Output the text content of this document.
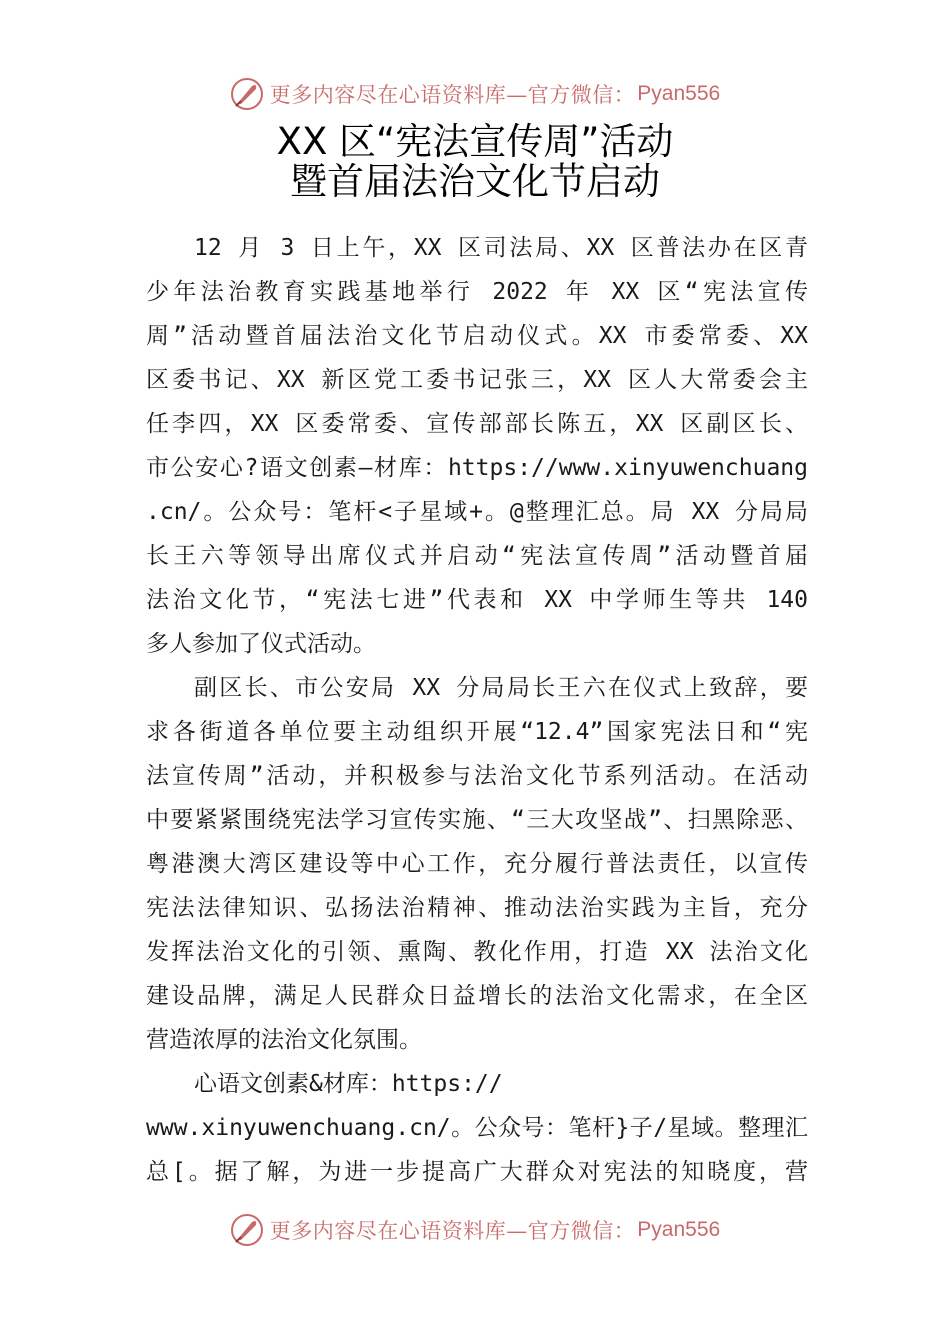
更多内容尽在心语资料库—官方微信： Pyan556
XX 区“宪法宣传周”活动
暨首届法治文化节启动

12 月 3 日上午，XX 区司法局、XX 区普法办在区青
少年法治教育实践基地举行 2022 年 XX 区“宪法宣传
周”活动暨首届法治文化节启动仪式。XX 市委常委、XX
区委书记、XX 新区党工委书记张三，XX 区人大常委会主
任李四，XX 区委常委、宣传部部长陈五，XX 区副区长、
市公安心?语文创素—材库：https://www.xinyuwenchuang
.cn/。公众号：笔杆<子星域+。@整理汇总。局 XX 分局局
长王六等领导出席仪式并启动“宪法宣传周”活动暨首届
法治文化节，“宪法七进”代表和 XX 中学师生等共 140
多人参加了仪式活动。

副区长、市公安局 XX 分局局长王六在仪式上致辞，要
求各街道各单位要主动组织开展“12.4”国家宪法日和“宪
法宣传周”活动，并积极参与法治文化节系列活动。在活动
中要紧紧围绕宪法学习宣传实施、“三大攻坚战”、扫黑除恶、
粤港澳大湾区建设等中心工作，充分履行普法责任，以宣传
宪法法律知识、弘扬法治精神、推动法治实践为主旨，充分
发挥法治文化的引领、熏陶、教化作用，打造 XX 法治文化
建设品牌，满足人民群众日益增长的法治文化需求，在全区
营造浓厚的法治文化氛围。

心语文创素&材库：https://
www.xinyuwenchuang.cn/。公众号：笔杆}子/星域。整理汇
总[。据了解，为进一步提高广大群众对宪法的知晓度，营

更多内容尽在心语资料库—官方微信： Pyan556
